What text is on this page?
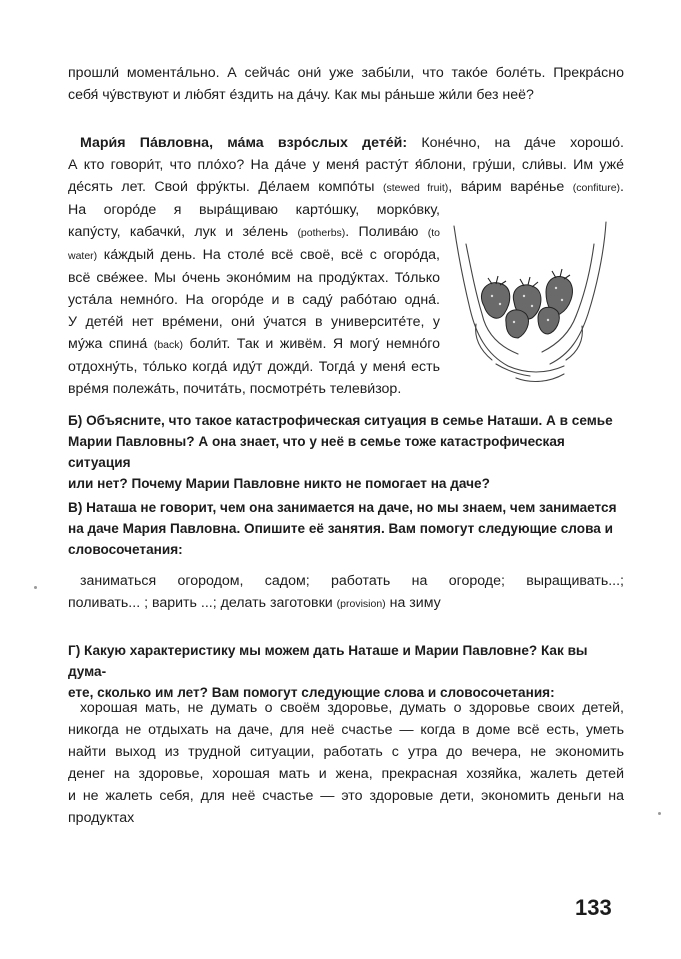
прошли́ момента́льно. А сейча́с они́ уже забы́ли, что тако́е боле́ть. Прекра́сно

себя́ чу́вствуют и лю́бят е́здить на да́чу. Как мы ра́ньше жи́ли без неё?

Мари́я Па́вловна, ма́ма взро́слых дете́й: Коне́чно, на да́че хорошо́.

А кто говори́т, что пло́хо? На да́че у меня́ расту́т я́блони, гру́ши, сли́вы. Им уже́

де́сять лет. Свои́ фру́кты. Де́лаем компо́ты (stewed fruit), ва́рим варе́нье (confiture).

На огоро́де я выра́щиваю карто́шку, морко́вку,

капу́сту, кабачки́, лук и зе́лень (potherbs). Полива́ю (to

water) ка́ждый день. На столе́ всё своё, всё с огоро́да,

всё све́жее. Мы о́чень эконо́мим на проду́ктах. То́лько

уста́ла немно́го. На огоро́де и в саду́ рабо́таю одна́.

У дете́й нет вре́мени, они́ у́чатся в университе́те, у

му́жа спина́ (back) боли́т. Так и живём. Я могу́ немно́го

отдохну́ть, то́лько когда́ иду́т дожди́. Тогда́ у меня́ есть

вре́мя полежа́ть, почита́ть, посмотре́ть телеви́зор.

Б) Объясните, что такое катастрофическая ситуация в семье Наташи. А в семье

Марии Павловны? А она знает, что у неё в семье тоже катастрофическая ситуация

или нет? Почему Марии Павловне никто не помогает на даче?

В) Наташа не говорит, чем она занимается на даче, но мы знаем, чем занимается

на даче Мария Павловна. Опишите её занятия. Вам помогут следующие слова и

словосочетания:

заниматься огородом, садом; работать на огороде; выращивать...;

поливать... ; варить ...; делать заготовки (provision) на зиму

Г) Какую характеристику мы можем дать Наташе и Марии Павловне? Как вы дума-

ете, сколько им лет? Вам помогут следующие слова и словосочетания:

хорошая мать, не думать о своём здоровье, думать о здоровье своих детей,

никогда не отдыхать на даче, для неё счастье — когда в доме всё есть, уметь

найти выход из трудной ситуации, работать с утра до вечера, не экономить

денег на здоровье, хорошая мать и жена, прекрасная хозяйка, жалеть детей

и не жалеть себя, для неё счастье — это здоровые дети, экономить деньги на

продуктах

133
